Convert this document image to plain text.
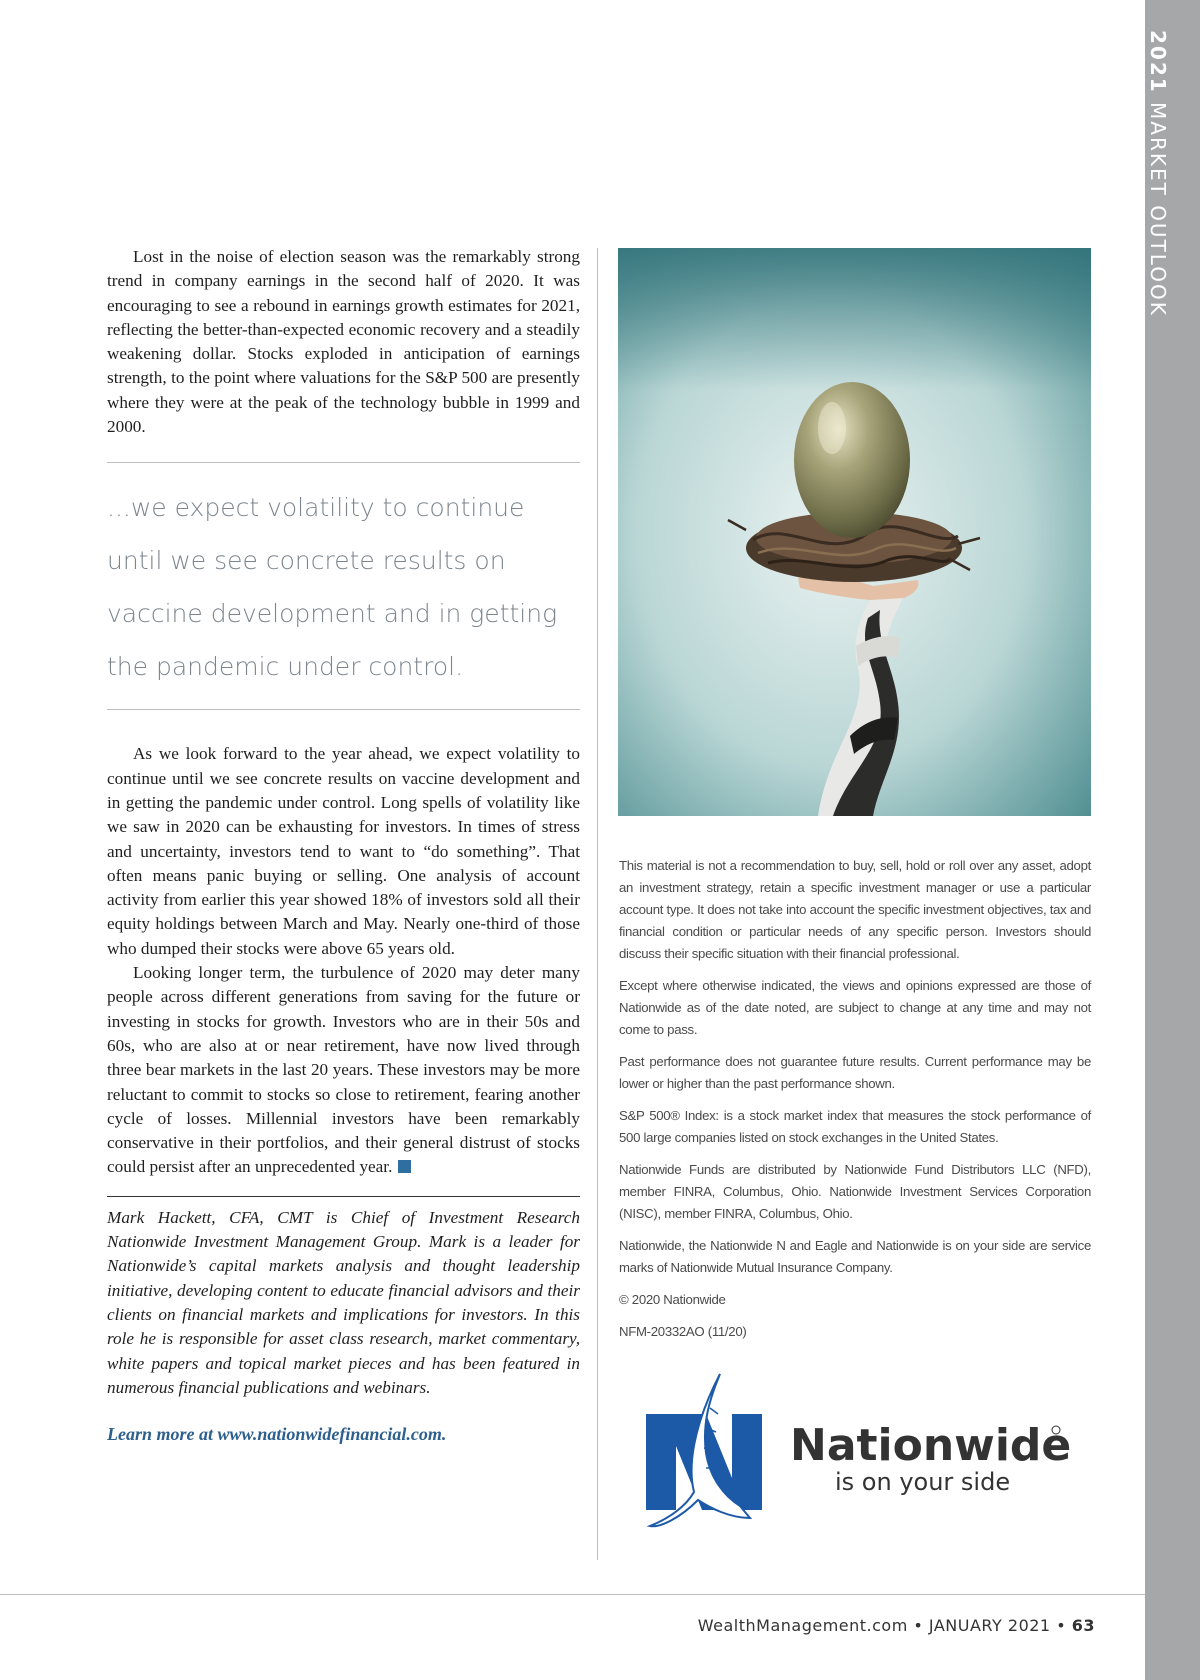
2021 MARKET OUTLOOK

Lost in the noise of election season was the remarkably strong trend in company earnings in the second half of 2020. It was encouraging to see a rebound in earnings growth estimates for 2021, reflecting the better-than-expected economic recovery and a steadily weakening dollar. Stocks exploded in anticipation of earnings strength, to the point where valuations for the S&P 500 are presently where they were at the peak of the technology bubble in 1999 and 2000.

...we expect volatility to continue until we see concrete results on vaccine development and in getting the pandemic under control.

As we look forward to the year ahead, we expect volatility to continue until we see concrete results on vaccine development and in getting the pandemic under control. Long spells of volatility like we saw in 2020 can be exhausting for investors. In times of stress and uncertainty, investors tend to want to “do something”. That often means panic buying or selling. One analysis of account activity from earlier this year showed 18% of investors sold all their equity holdings between March and May. Nearly one-third of those who dumped their stocks were above 65 years old.

Looking longer term, the turbulence of 2020 may deter many people across different generations from saving for the future or investing in stocks for growth. Investors who are in their 50s and 60s, who are also at or near retirement, have now lived through three bear markets in the last 20 years. These investors may be more reluctant to commit to stocks so close to retirement, fearing another cycle of losses. Millennial investors have been remarkably conservative in their portfolios, and their general distrust of stocks could persist after an unprecedented year.

Mark Hackett, CFA, CMT is Chief of Investment Research Nationwide Investment Management Group. Mark is a leader for Nationwide’s capital markets analysis and thought leadership initiative, developing content to educate financial advisors and their clients on financial markets and implications for investors. In this role he is responsible for asset class research, market commentary, white papers and topical market pieces and has been featured in numerous financial publications and webinars.

Learn more at www.nationwidefinancial.com.

This material is not a recommendation to buy, sell, hold or roll over any asset, adopt an investment strategy, retain a specific investment manager or use a particular account type. It does not take into account the specific investment objectives, tax and financial condition or particular needs of any specific person. Investors should discuss their specific situation with their financial professional.

Except where otherwise indicated, the views and opinions expressed are those of Nationwide as of the date noted, are subject to change at any time and may not come to pass.

Past performance does not guarantee future results. Current performance may be lower or higher than the past performance shown.

S&P 500® Index: is a stock market index that measures the stock performance of 500 large companies listed on stock exchanges in the United States.

Nationwide Funds are distributed by Nationwide Fund Distributors LLC (NFD), member FINRA, Columbus, Ohio. Nationwide Investment Services Corporation (NISC), member FINRA, Columbus, Ohio.

Nationwide, the Nationwide N and Eagle and Nationwide is on your side are service marks of Nationwide Mutual Insurance Company.

© 2020 Nationwide

NFM-20332AO (11/20)

Nationwide
is on your side
WealthManagement.com • JANUARY 2021 • 63
